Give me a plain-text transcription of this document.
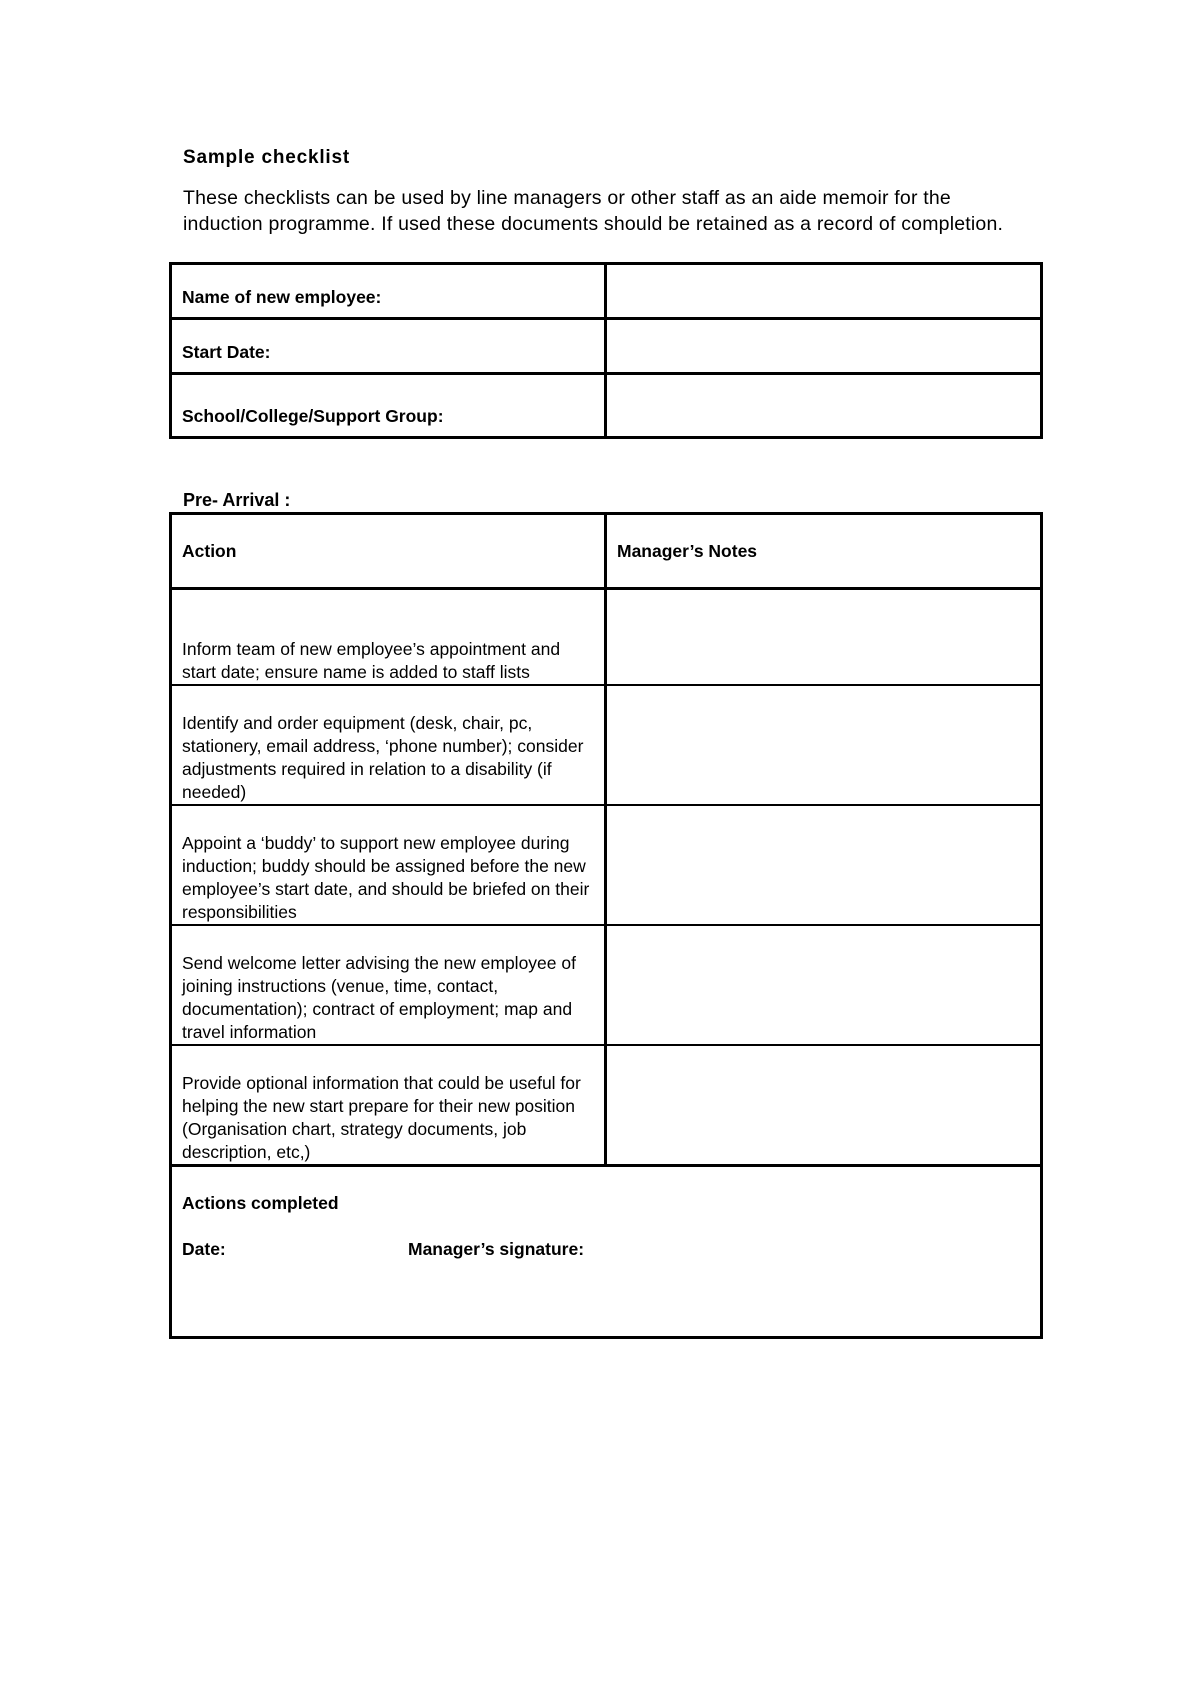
Sample checklist
These checklists can be used by line managers or other staff as an aide memoir for the
induction programme. If used these documents should be retained as a record of completion.
Name of new employee:	
Start Date:	
School/College/Support Group:	
Pre- Arrival :
Action	Manager’s Notes
Inform team of new employee’s appointment and start date; ensure name is added to staff lists	
Identify and order equipment (desk, chair, pc, stationery, email address, ‘phone number); consider adjustments required in relation to a disability (if needed)	
Appoint a ‘buddy’ to support new employee during induction; buddy should be assigned before the new employee’s start date, and should be briefed on their responsibilities	
Send welcome letter advising the new employee of joining instructions (venue, time, contact, documentation); contract of employment; map and travel information	
Provide optional information that could be useful for helping the new start prepare for their new position (Organisation chart, strategy documents, job description, etc,)	

Actions completed
Date: Manager’s signature:	
